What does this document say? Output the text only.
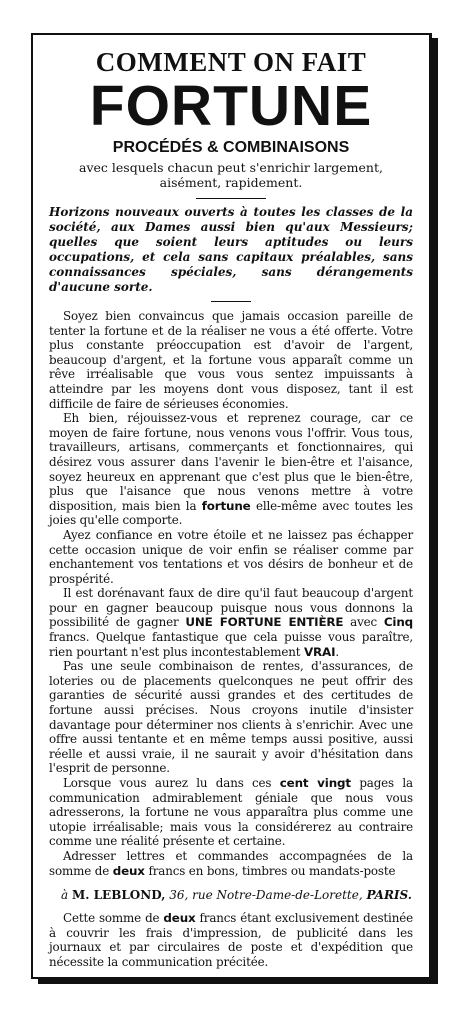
COMMENT ON FAIT
FORTUNE
PROCÉDÉS & COMBINAISONS
avec lesquels chacun peut s'enrichir largement, aisément, rapidement.

Horizons nouveaux ouverts à toutes les classes de la société, aux Dames aussi bien qu'aux Messieurs; quelles que soient leurs aptitudes ou leurs occupations, et cela sans capitaux préalables, sans connaissances spéciales, sans dérangements d'aucune sorte.

Soyez bien convaincus que jamais occasion pareille de tenter la fortune et de la réaliser ne vous a été offerte. Votre plus constante préoccupation est d'avoir de l'argent, beaucoup d'argent, et la fortune vous apparaît comme un rêve irréalisable que vous vous sentez impuissants à atteindre par les moyens dont vous disposez, tant il est difficile de faire de sérieuses économies.

Eh bien, réjouissez-vous et reprenez courage, car ce moyen de faire fortune, nous venons vous l'offrir. Vous tous, travailleurs, artisans, commerçants et fonctionnaires, qui désirez vous assurer dans l'avenir le bien-être et l'aisance, soyez heureux en apprenant que c'est plus que le bien-être, plus que l'aisance que nous venons mettre à votre disposition, mais bien la fortune elle-même avec toutes les joies qu'elle comporte.

Ayez confiance en votre étoile et ne laissez pas échapper cette occasion unique de voir enfin se réaliser comme par enchantement vos tentations et vos désirs de bonheur et de prospérité.

Il est dorénavant faux de dire qu'il faut beaucoup d'argent pour en gagner beaucoup puisque nous vous donnons la possibilité de gagner UNE FORTUNE ENTIÈRE avec Cinq francs. Quelque fantastique que cela puisse vous paraître, rien pourtant n'est plus incontestablement VRAI.

Pas une seule combinaison de rentes, d'assurances, de loteries ou de placements quelconques ne peut offrir des garanties de sécurité aussi grandes et des certitudes de fortune aussi précises. Nous croyons inutile d'insister davantage pour déterminer nos clients à s'enrichir. Avec une offre aussi tentante et en même temps aussi positive, aussi réelle et aussi vraie, il ne saurait y avoir d'hésitation dans l'esprit de personne.

Lorsque vous aurez lu dans ces cent vingt pages la communication admirablement géniale que nous vous adresserons, la fortune ne vous apparaîtra plus comme une utopie irréalisable; mais vous la considérerez au contraire comme une réalité présente et certaine.

Adresser lettres et commandes accompagnées de la somme de deux francs en bons, timbres ou mandats-poste

à M. LEBLOND, 36, rue Notre-Dame-de-Lorette, PARIS.

Cette somme de deux francs étant exclusivement destinée à couvrir les frais d'impression, de publicité dans les journaux et par circulaires de poste et d'expédition que nécessite la communication précitée.
